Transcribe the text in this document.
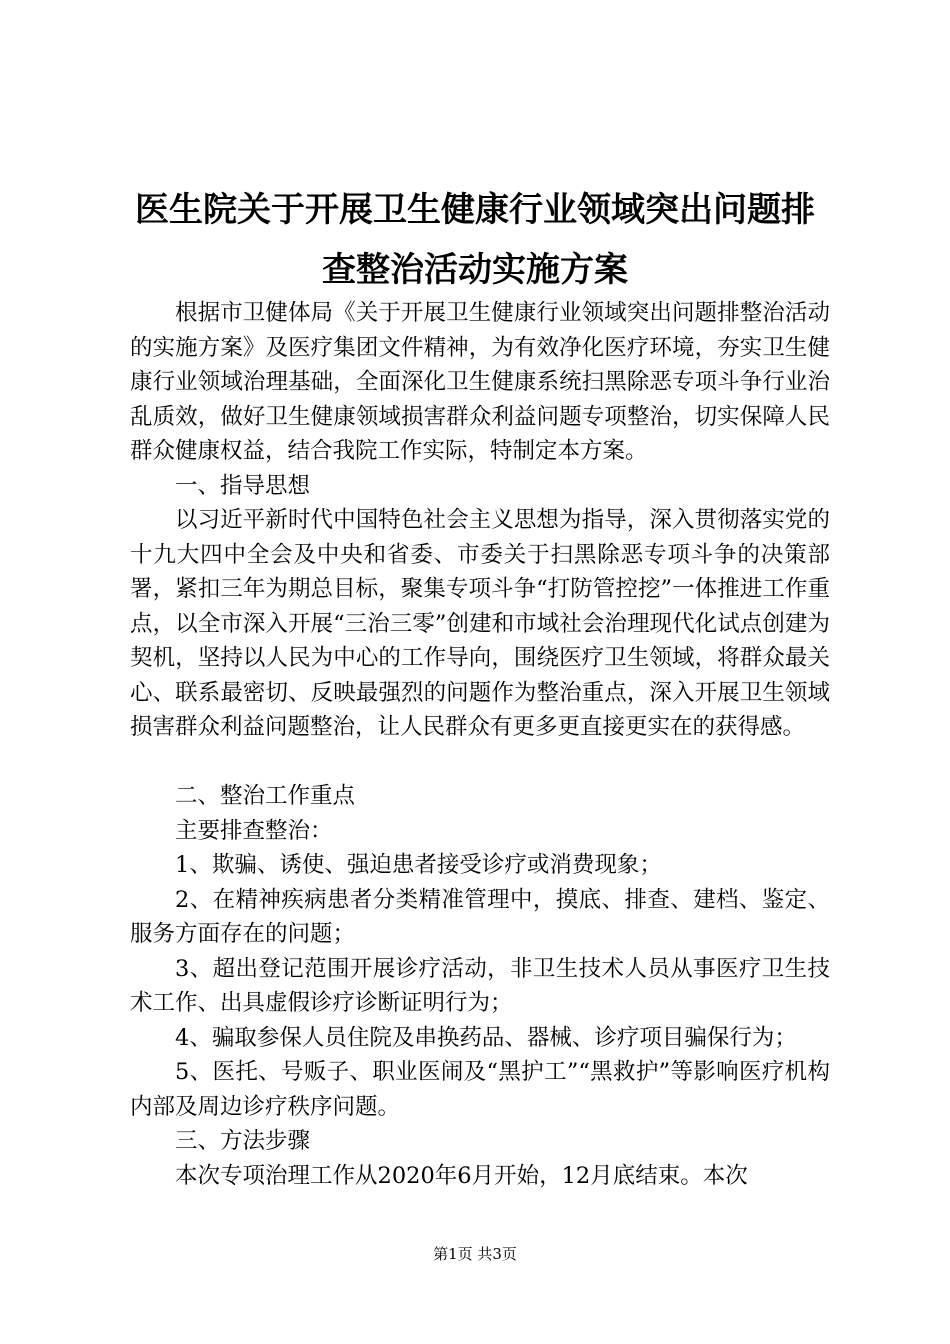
医生院关于开展卫生健康行业领域突出问题排
查整治活动实施方案

根据市卫健体局《关于开展卫生健康行业领域突出问题排整治活动的实施方案》及医疗集团文件精神，为有效净化医疗环境，夯实卫生健康行业领域治理基础，全面深化卫生健康系统扫黑除恶专项斗争行业治乱质效，做好卫生健康领域损害群众利益问题专项整治，切实保障人民群众健康权益，结合我院工作实际，特制定本方案。

一、指导思想

以习近平新时代中国特色社会主义思想为指导，深入贯彻落实党的十九大四中全会及中央和省委、市委关于扫黑除恶专项斗争的决策部署，紧扣三年为期总目标，聚集专项斗争“打防管控挖”一体推进工作重点，以全市深入开展“三治三零”创建和市域社会治理现代化试点创建为契机，坚持以人民为中心的工作导向，围绕医疗卫生领域，将群众最关心、联系最密切、反映最强烈的问题作为整治重点，深入开展卫生领域损害群众利益问题整治，让人民群众有更多更直接更实在的获得感。

二、整治工作重点

主要排查整治：

1、欺骗、诱使、强迫患者接受诊疗或消费现象；

2、在精神疾病患者分类精准管理中，摸底、排查、建档、鉴定、服务方面存在的问题；

3、超出登记范围开展诊疗活动，非卫生技术人员从事医疗卫生技术工作、出具虚假诊疗诊断证明行为；

4、骗取参保人员住院及串换药品、器械、诊疗项目骗保行为；

5、医托、号贩子、职业医闹及“黑护工”“黑救护”等影响医疗机构内部及周边诊疗秩序问题。

三、方法步骤

本次专项治理工作从2020年6月开始，12月底结束。本次

第1页 共3页
